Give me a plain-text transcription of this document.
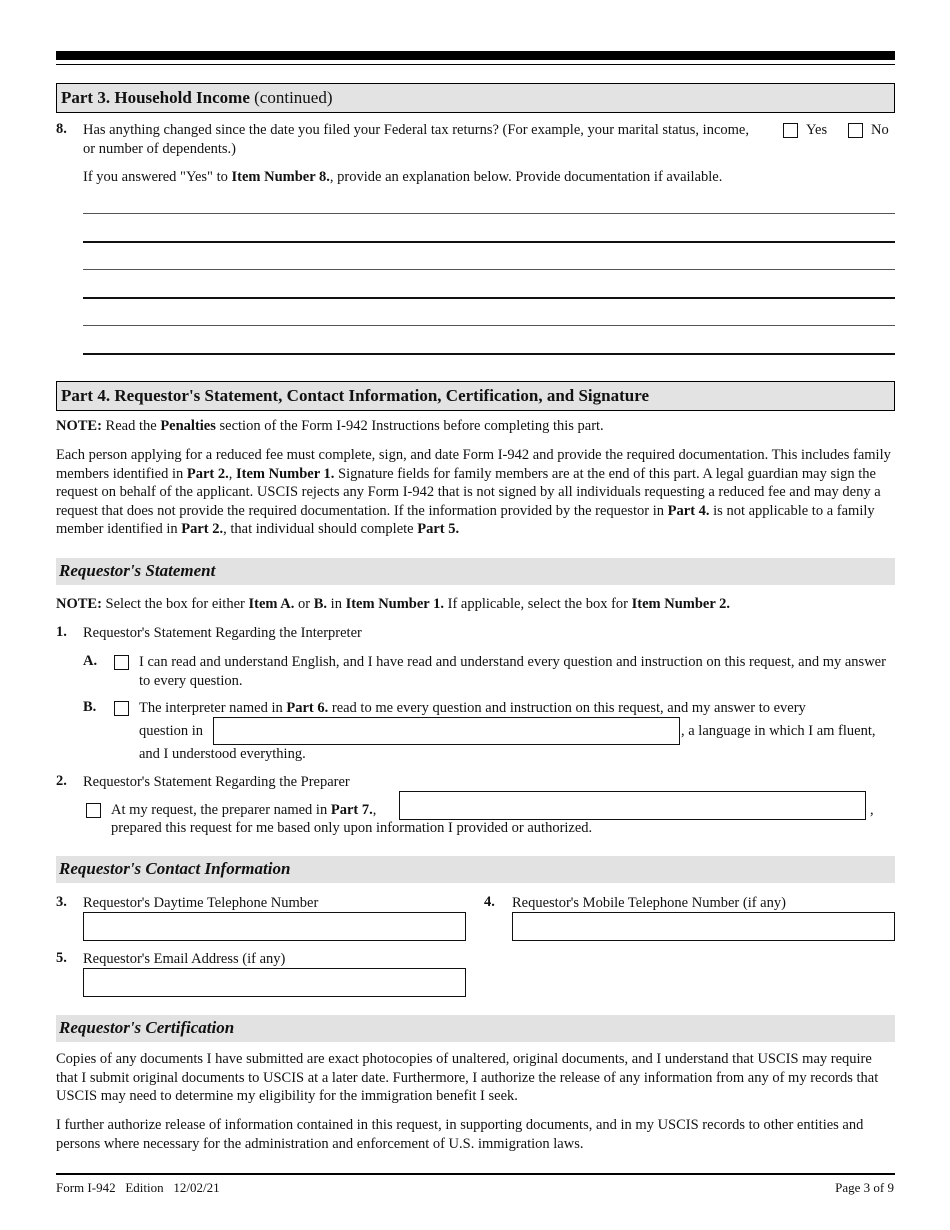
Part 3. Household Income (continued)
8. Has anything changed since the date you filed your Federal tax returns? (For example, your marital status, income, or number of dependents.)
Yes	No
If you answered "Yes" to Item Number 8., provide an explanation below. Provide documentation if available.
Part 4. Requestor's Statement, Contact Information, Certification, and Signature
NOTE: Read the Penalties section of the Form I-942 Instructions before completing this part.
Each person applying for a reduced fee must complete, sign, and date Form I-942 and provide the required documentation. This includes family members identified in Part 2., Item Number 1. Signature fields for family members are at the end of this part. A legal guardian may sign the request on behalf of the applicant. USCIS rejects any Form I-942 that is not signed by all individuals requesting a reduced fee and may deny a request that does not provide the required documentation. If the information provided by the requestor in Part 4. is not applicable to a family member identified in Part 2., that individual should complete Part 5.
Requestor's Statement
NOTE: Select the box for either Item A. or B. in Item Number 1. If applicable, select the box for Item Number 2.
1. Requestor's Statement Regarding the Interpreter
A.	I can read and understand English, and I have read and understand every question and instruction on this request, and my answer to every question.
B.	The interpreter named in Part 6. read to me every question and instruction on this request, and my answer to every
question in	, a language in which I am fluent,
and I understood everything.
2. Requestor's Statement Regarding the Preparer
At my request, the preparer named in Part 7.,	,
prepared this request for me based only upon information I provided or authorized.
Requestor's Contact Information
3. Requestor's Daytime Telephone Number	4. Requestor's Mobile Telephone Number (if any)
5. Requestor's Email Address (if any)
Requestor's Certification
Copies of any documents I have submitted are exact photocopies of unaltered, original documents, and I understand that USCIS may require that I submit original documents to USCIS at a later date. Furthermore, I authorize the release of any information from any of my records that USCIS may need to determine my eligibility for the immigration benefit I seek.
I further authorize release of information contained in this request, in supporting documents, and in my USCIS records to other entities and persons where necessary for the administration and enforcement of U.S. immigration laws.
Form I-942   Edition   12/02/21	Page 3 of 9
